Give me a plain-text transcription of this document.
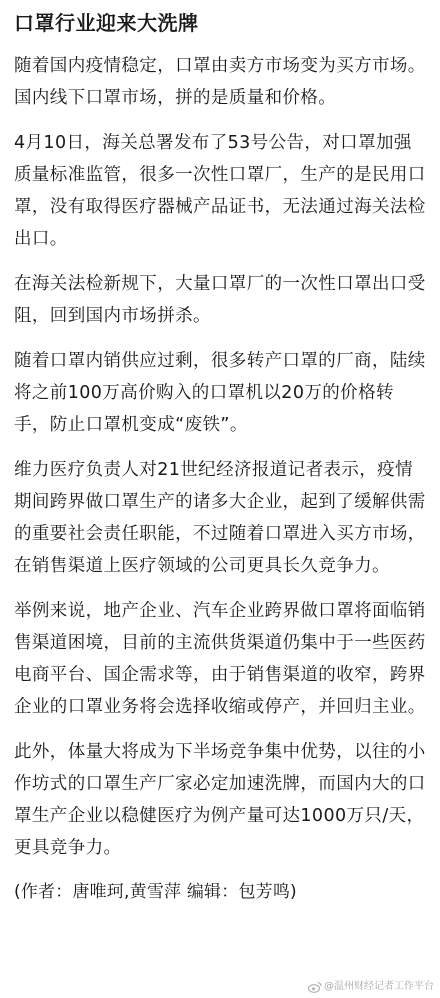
口罩行业迎来大洗牌

随着国内疫情稳定，口罩由卖方市场变为买方市场。国内线下口罩市场，拼的是质量和价格。

4月10日，海关总署发布了53号公告，对口罩加强质量标准监管，很多一次性口罩厂，生产的是民用口罩，没有取得医疗器械产品证书，无法通过海关法检出口。

在海关法检新规下，大量口罩厂的一次性口罩出口受阻，回到国内市场拼杀。

随着口罩内销供应过剩，很多转产口罩的厂商，陆续将之前100万高价购入的口罩机以20万的价格转手，防止口罩机变成“废铁”。

维力医疗负责人对21世纪经济报道记者表示，疫情期间跨界做口罩生产的诸多大企业，起到了缓解供需的重要社会责任职能，不过随着口罩进入买方市场，在销售渠道上医疗领域的公司更具长久竞争力。

举例来说，地产企业、汽车企业跨界做口罩将面临销售渠道困境，目前的主流供货渠道仍集中于一些医药电商平台、国企需求等，由于销售渠道的收窄，跨界企业的口罩业务将会选择收缩或停产，并回归主业。

此外，体量大将成为下半场竞争集中优势，以往的小作坊式的口罩生产厂家必定加速洗牌，而国内大的口罩生产企业以稳健医疗为例产量可达1000万只/天，更具竞争力。

(作者：唐唯珂,黄雪萍 编辑：包芳鸣)
@温州财经记者工作平台
